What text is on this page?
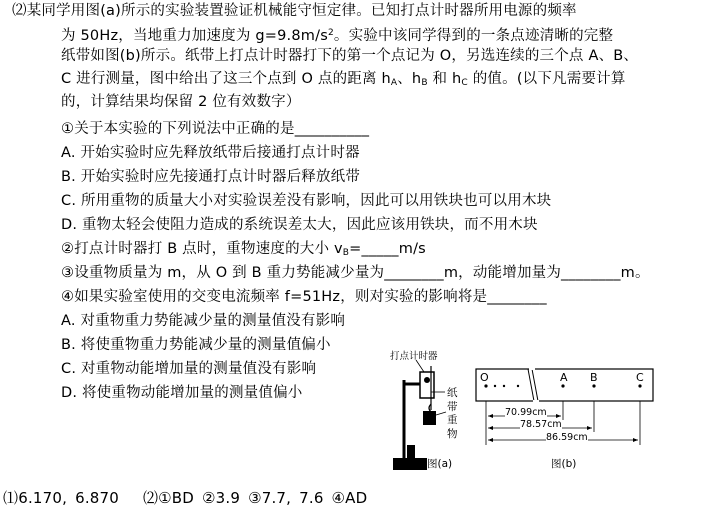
⑵某同学用图(a)所示的实验装置验证机械能守恒定律。已知打点计时器所用电源的频率
为 50Hz，当地重力加速度为 $g=9.8m/s^2$。实验中该同学得到的一条点迹清晰的完整
纸带如图(b)所示。纸带上打点计时器打下的第一个点记为 O，另选连续的三个点 A、B、
C 进行测量，图中给出了这三个点到 O 点的距离 $h_A$、$h_B$ 和 $h_C$ 的值。(以下凡需要计算
的，计算结果均保留 2 位有效数字）
①关于本实验的下列说法中正确的是__________
A. 开始实验时应先释放纸带后接通打点计时器
B. 开始实验时应先接通打点计时器后释放纸带
C. 所用重物的质量大小对实验误差没有影响，因此可以用铁块也可以用木块
D. 重物太轻会使阻力造成的系统误差太大，因此应该用铁块，而不用木块
②打点计时器打 B 点时，重物速度的大小 $v_B=\_\_\_\_\_m/s$
③设重物质量为 m，从 O 到 B 重力势能减少量为________m，动能增加量为________m。
④如果实验室使用的交变电流频率 f=51Hz，则对实验的影响将是________
A. 对重物重力势能减少量的测量值没有影响
B. 将使重物重力势能减少量的测量值偏小
C. 对重物动能增加量的测量值没有影响
D. 将使重物动能增加量的测量值偏小
⑴6.170, 6.870 ⑵①BD ②3.9 ③7.7, 7.6 ④AD
打点计时器
纸
带
重
物
图(a)
O	A B	C
70.99cm
78.57cm
86.59cm
图(b)
